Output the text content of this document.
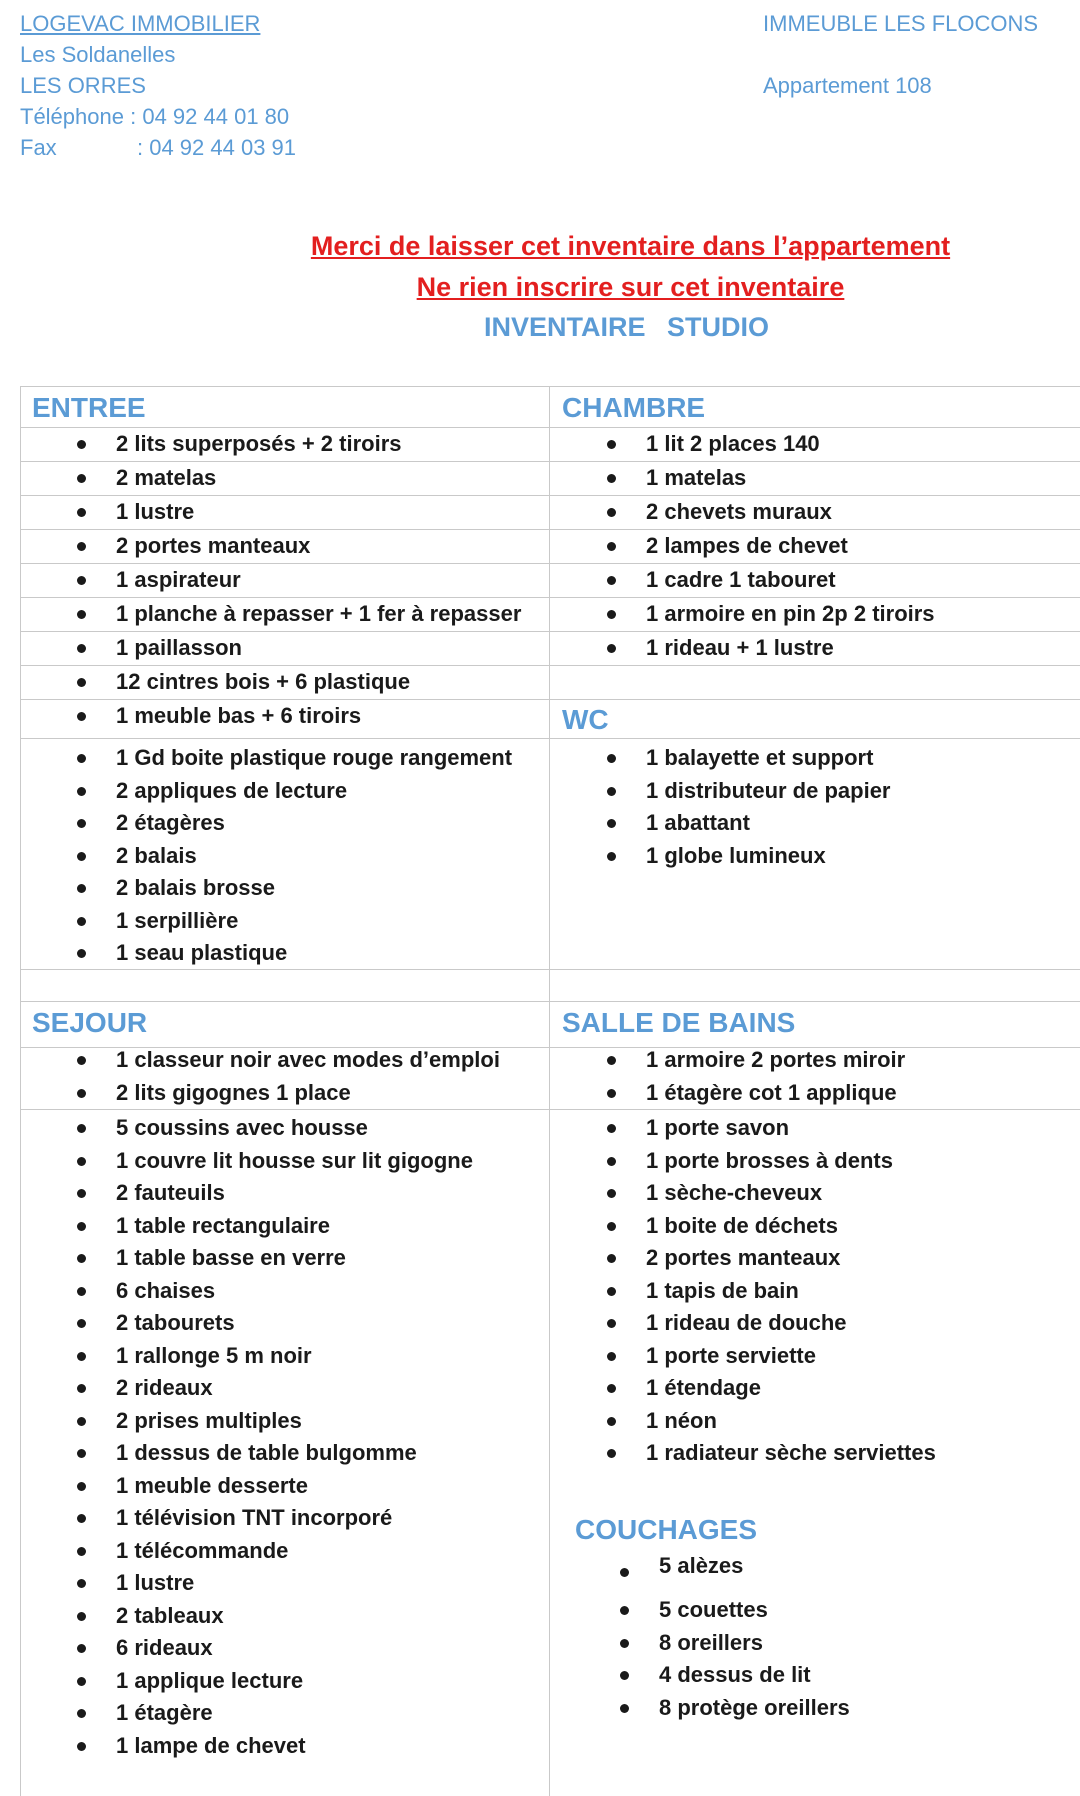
LOGEVAC IMMOBILIER
Les Soldanelles
LES ORRES
Téléphone : 04 92 44 01 80
Fax	: 04 92 44 03 91
IMMEUBLE LES FLOCONS

Appartement 108
Merci de laisser cet inventaire dans l’appartement
Ne rien inscrire sur cet inventaire
INVENTAIRE STUDIO
ENTREE
2 lits superposés + 2 tiroirs
2 matelas
1 lustre
2 portes manteaux
1 aspirateur
1 planche à repasser + 1 fer à repasser
1 paillasson
12 cintres bois + 6 plastique
1 meuble bas + 6 tiroirs
1 Gd boite plastique rouge rangement
2 appliques de lecture
2 étagères
2 balais
2 balais brosse
1 serpillière
1 seau plastique
CHAMBRE
1 lit 2 places 140
1 matelas
2 chevets muraux
2 lampes de chevet
1 cadre 1 tabouret
1 armoire en pin 2p 2 tiroirs
1 rideau + 1 lustre
WC
1 balayette et support
1 distributeur de papier
1 abattant
1 globe lumineux
SEJOUR
1 classeur noir avec modes d’emploi
2 lits gigognes 1 place
5 coussins avec housse
1 couvre lit housse sur lit gigogne
2 fauteuils
1 table rectangulaire
1 table basse en verre
6 chaises
2 tabourets
1 rallonge 5 m noir
2 rideaux
2 prises multiples
1 dessus de table bulgomme
1 meuble desserte
1 télévision TNT incorporé
1 télécommande
1 lustre
2 tableaux
6 rideaux
1 applique lecture
1 étagère
1 lampe de chevet
SALLE DE BAINS
1 armoire 2 portes miroir
1 étagère cot 1 applique
1 porte savon
1 porte brosses à dents
1 sèche-cheveux
1 boite de déchets
2 portes manteaux
1 tapis de bain
1 rideau de douche
1 porte serviette
1 étendage
1 néon
1 radiateur sèche serviettes
COUCHAGES
5 alèzes
5 couettes
8 oreillers
4 dessus de lit
8 protège oreillers
